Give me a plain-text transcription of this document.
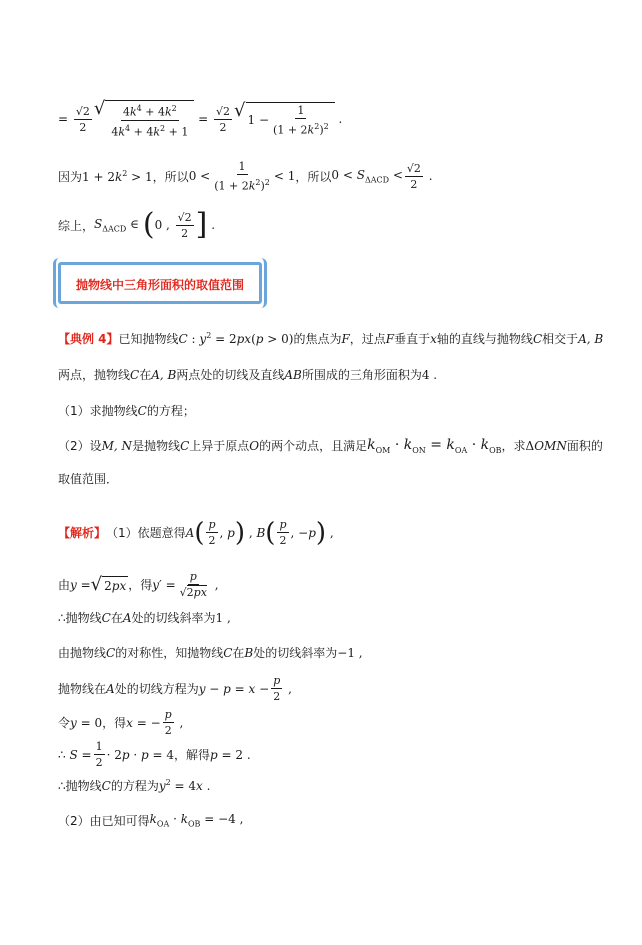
= $\frac{√2}{2}$ √ $\frac{4k^4 + 4k^2}{4k^4 + 4k^2 + 1} = \frac{√2}{2}$ √ $1 - \frac{1}{(1 + 2k^2)^2}$ .
因为 $1 + 2k^2 > 1$ ，所以 $0 < \frac{1}{(1 + 2k^2)^2} < 1$ ，所以 $0 < S_{\Delta ACD} < \frac{√2}{2}$ .
综上， $S_{\Delta ACD}$ ∈ ( 0 , $\frac{√2}{2}$ ] .
抛物线中三角形面积的取值范围
【典例 4】 已知抛物线 C : $y^2 = 2px(p > 0)$ 的焦点为 F ，过点 F 垂直于 x 轴的直线与抛物线 C 相交于 A, B
两点，抛物线 C 在 A, B 两点处的切线及直线 AB 所围成的三角形面积为 4 .
（1）求抛物线 C 的方程；
（2）设 M, N 是抛物线 C 上异于原点 O 的两个动点，且满足 $k_{OM} \cdot k_{ON} = k_{OA} \cdot k_{OB}$ ，求 ΔOMN 面积的
取值范围．
【解析】 （1）依题意得 A ( $\frac{p}{2}$ , p ) , B ( $\frac{p}{2}$ , −p ) ,
由 y = √ 2 px ，得 $y' = \frac{p}{√2px}$ ,
∴抛物线 C 在 A 处的切线斜率为 1 ,
由抛物线 C 的对称性，知抛物线 C 在 B 处的切线斜率为 −1 ,
抛物线在 A 处的切线方程为 $y - p = x - \frac{p}{2}$ ,
令 y = 0 ，得 x = − $\frac{p}{2}$ ,
∴ $S = \frac{1}{2} \cdot 2p \cdot p = 4$ ，解得 p = 2 .
∴抛物线 C 的方程为 $y^2 = 4x$ .
（2）由已知可得 $k_{OA} \cdot k_{OB} = -4$ ,
